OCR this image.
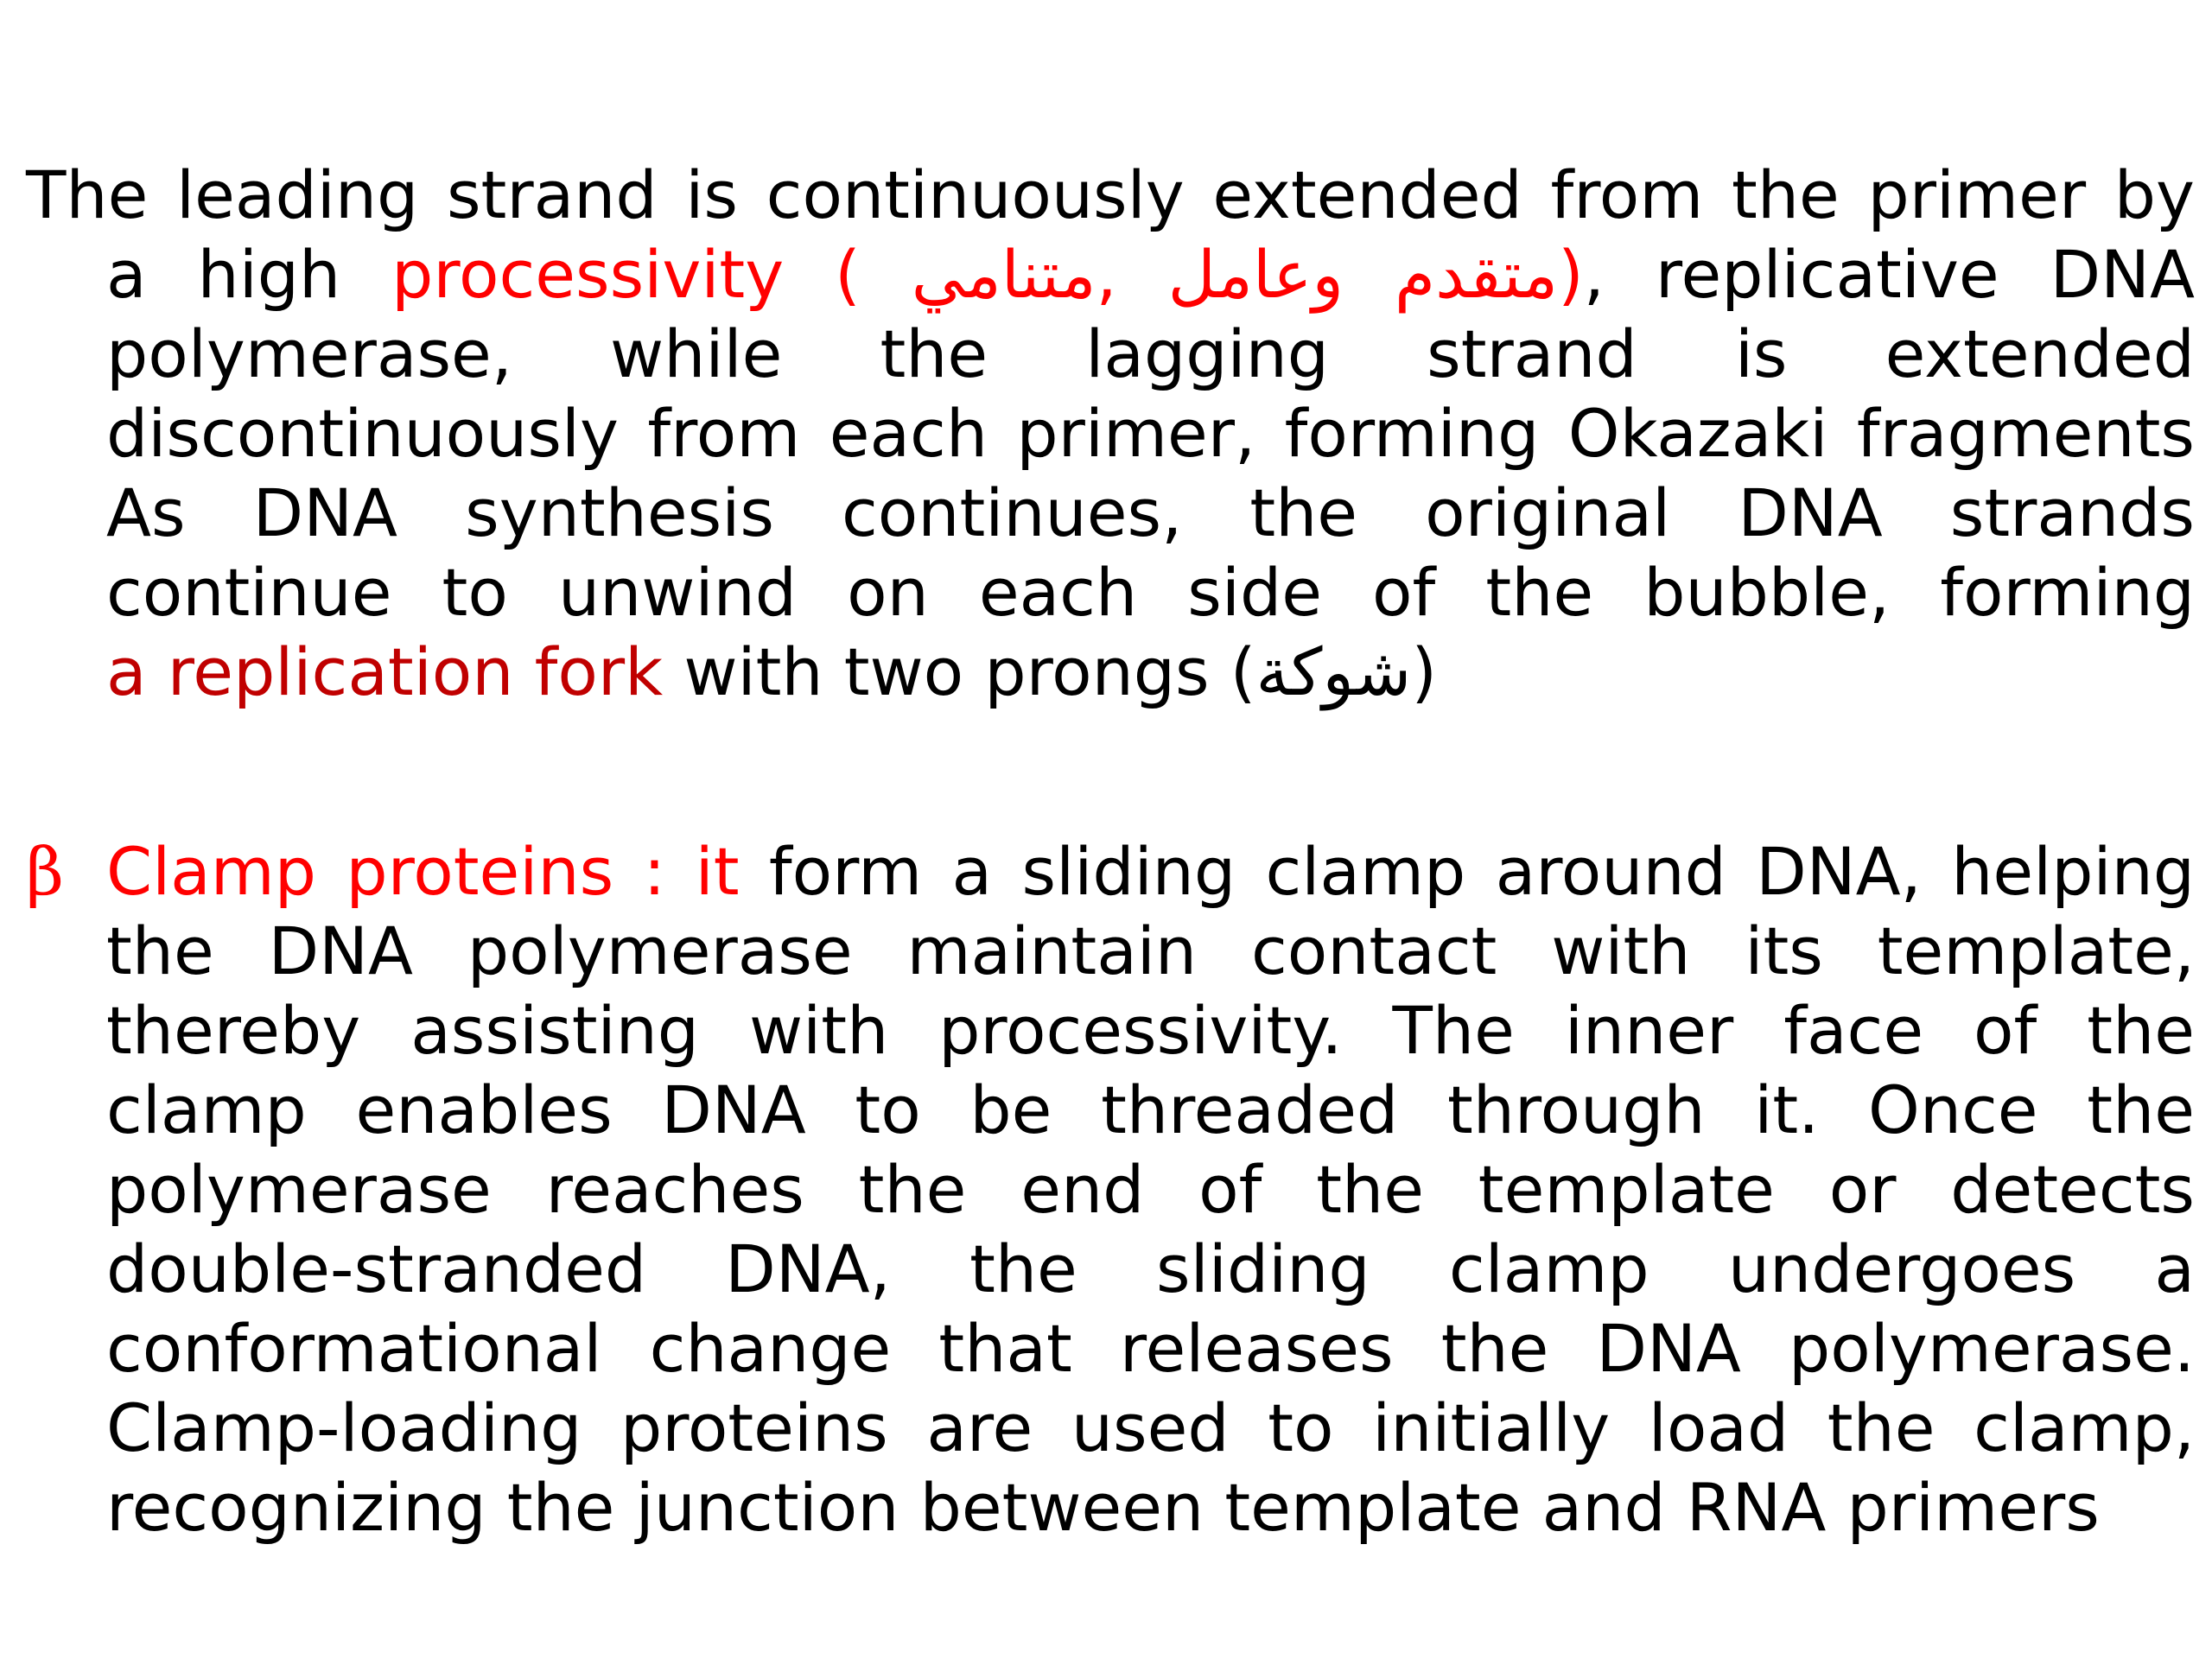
The leading strand is continuously extended from the primer by
a high processivity ( متقدم وعامل ,متنامي), replicative DNA
polymerase, while the lagging strand is extended
discontinuously from each primer, forming Okazaki fragments
As DNA synthesis continues, the original DNA strands
continue to unwind on each side of the bubble, forming
a replication fork with two prongs (شوكة)
β Clamp proteins : it form a sliding clamp around DNA, helping
the DNA polymerase maintain contact with its template,
thereby assisting with processivity. The inner face of the
clamp enables DNA to be threaded through it. Once the
polymerase reaches the end of the template or detects
double-stranded DNA, the sliding clamp undergoes a
conformational change that releases the DNA polymerase.
Clamp-loading proteins are used to initially load the clamp,
recognizing the junction between template and RNA primers
